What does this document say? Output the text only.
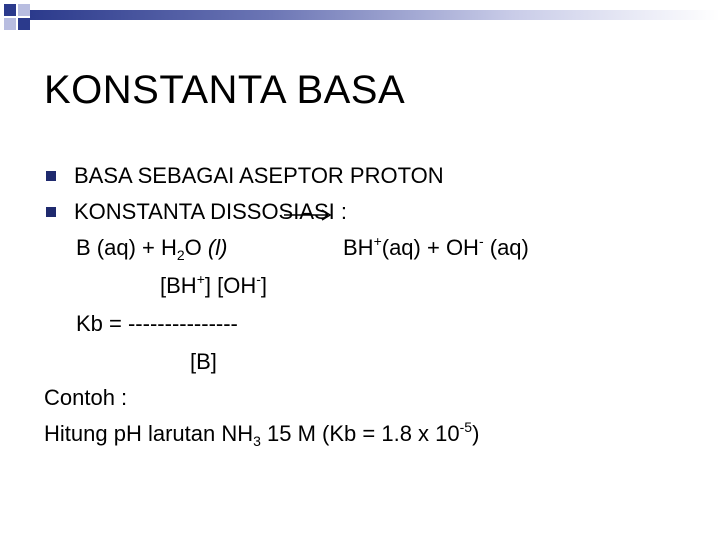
KONSTANTA BASA
BASA SEBAGAI ASEPTOR PROTON
KONSTANTA DISSOSIASI :
B $(aq) + H_2O$ (l)	BH+(aq) + OH- (aq)
[BH+] [OH-]
Kb = ---------------
[B]
Contoh :
Hitung pH larutan $NH_3$ 15 M (Kb = 1.8 x $10^{-5}$)
